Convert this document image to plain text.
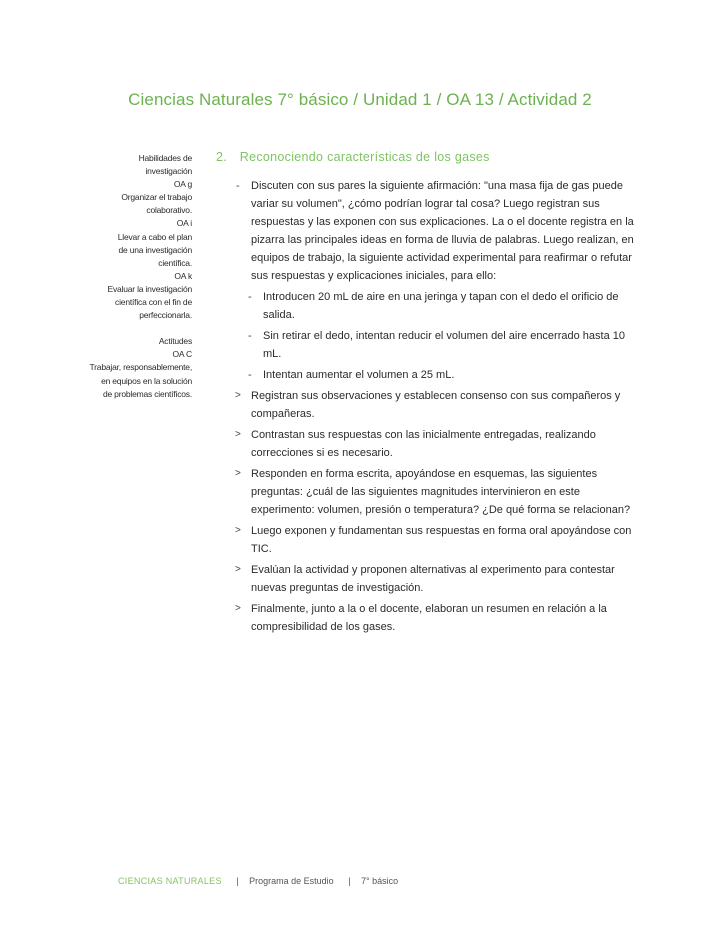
Ciencias Naturales 7° básico / Unidad 1 / OA 13 / Actividad 2
Habilidades de
investigación
OA g
Organizar el trabajo
colaborativo.
OA i
Llevar a cabo el plan
de una investigación
científica.
OA k
Evaluar la investigación
científica con el fin de
perfeccionarla.
Actitudes
OA C
Trabajar, responsablemente,
en equipos en la solución
de problemas científicos.
2. Reconociendo características de los gases
- Discuten con sus pares la siguiente afirmación: "una masa fija de gas puede variar su volumen", ¿cómo podrían lograr tal cosa? Luego registran sus respuestas y las exponen con sus explicaciones. La o el docente registra en la pizarra las principales ideas en forma de lluvia de palabras. Luego realizan, en equipos de trabajo, la siguiente actividad experimental para reafirmar o refutar sus respuestas y explicaciones iniciales, para ello:
- Introducen 20 mL de aire en una jeringa y tapan con el dedo el orificio de salida.
- Sin retirar el dedo, intentan reducir el volumen del aire encerrado hasta 10 mL.
- Intentan aumentar el volumen a 25 mL.
> Registran sus observaciones y establecen consenso con sus compañeros y compañeras.
> Contrastan sus respuestas con las inicialmente entregadas, realizando correcciones si es necesario.
> Responden en forma escrita, apoyándose en esquemas, las siguientes preguntas: ¿cuál de las siguientes magnitudes intervinieron en este experimento: volumen, presión o temperatura? ¿De qué forma se relacionan?
> Luego exponen y fundamentan sus respuestas en forma oral apoyándose con TIC.
> Evalúan la actividad y proponen alternativas al experimento para contestar nuevas preguntas de investigación.
> Finalmente, junto a la o el docente, elaboran un resumen en relación a la compresibilidad de los gases.
CIENCIAS NATURALES | Programa de Estudio | 7° básico
